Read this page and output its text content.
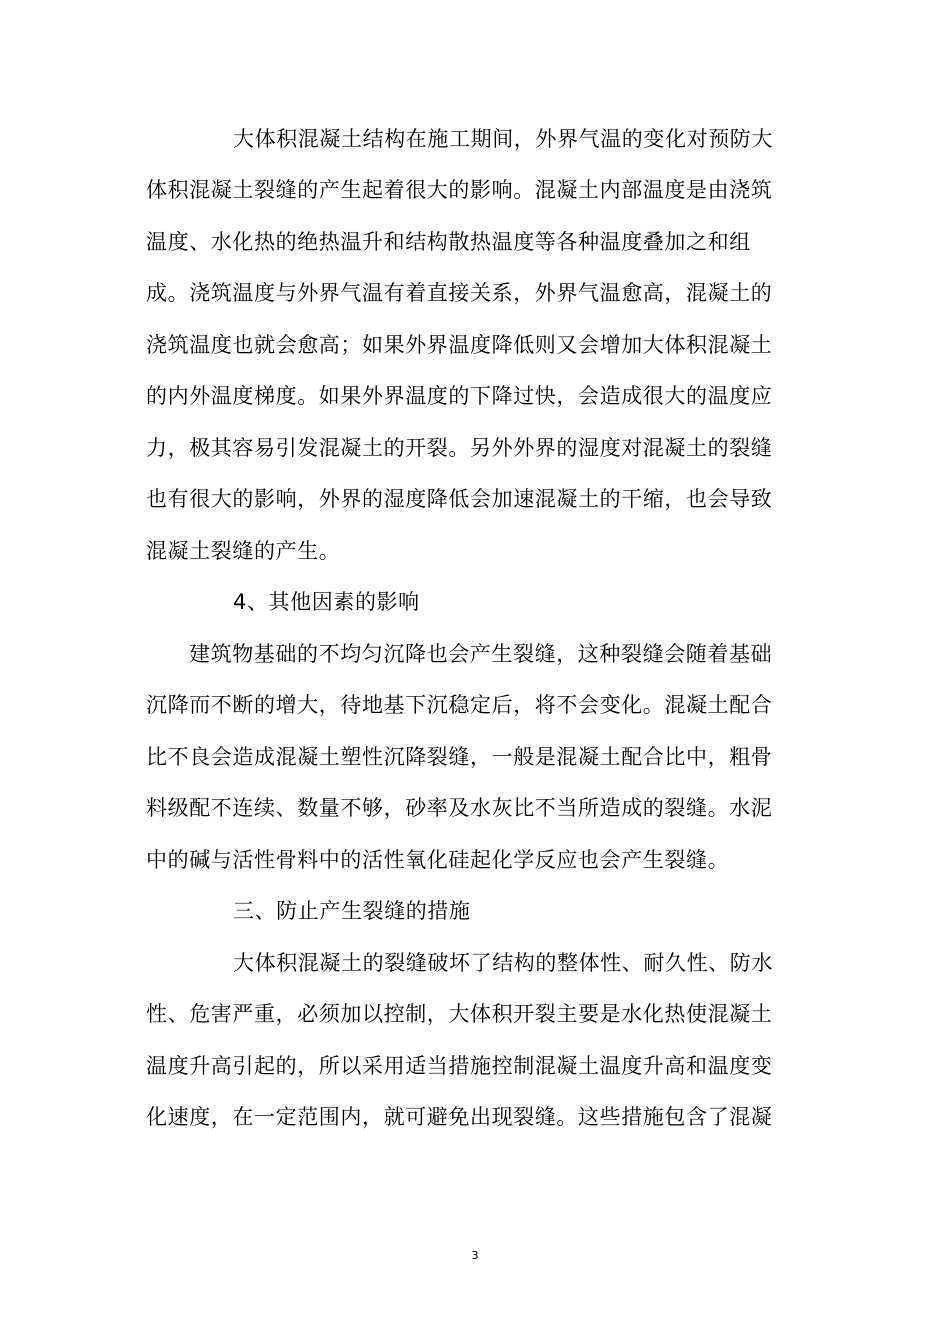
大体积混凝土结构在施工期间，外界气温的变化对预防大
体积混凝土裂缝的产生起着很大的影响。混凝土内部温度是由浇筑
温度、水化热的绝热温升和结构散热温度等各种温度叠加之和组
成。浇筑温度与外界气温有着直接关系，外界气温愈高，混凝土的
浇筑温度也就会愈高；如果外界温度降低则又会增加大体积混凝土
的内外温度梯度。如果外界温度的下降过快，会造成很大的温度应
力，极其容易引发混凝土的开裂。另外外界的湿度对混凝土的裂缝
也有很大的影响，外界的湿度降低会加速混凝土的干缩，也会导致
混凝土裂缝的产生。
4、其他因素的影响
建筑物基础的不均匀沉降也会产生裂缝，这种裂缝会随着基础
沉降而不断的增大，待地基下沉稳定后，将不会变化。混凝土配合
比不良会造成混凝土塑性沉降裂缝，一般是混凝土配合比中，粗骨
料级配不连续、数量不够，砂率及水灰比不当所造成的裂缝。水泥
中的碱与活性骨料中的活性氧化硅起化学反应也会产生裂缝。
三、防止产生裂缝的措施
大体积混凝土的裂缝破坏了结构的整体性、耐久性、防水
性、危害严重，必须加以控制，大体积开裂主要是水化热使混凝土
温度升高引起的，所以采用适当措施控制混凝土温度升高和温度变
化速度，在一定范围内，就可避免出现裂缝。这些措施包含了混凝
3
